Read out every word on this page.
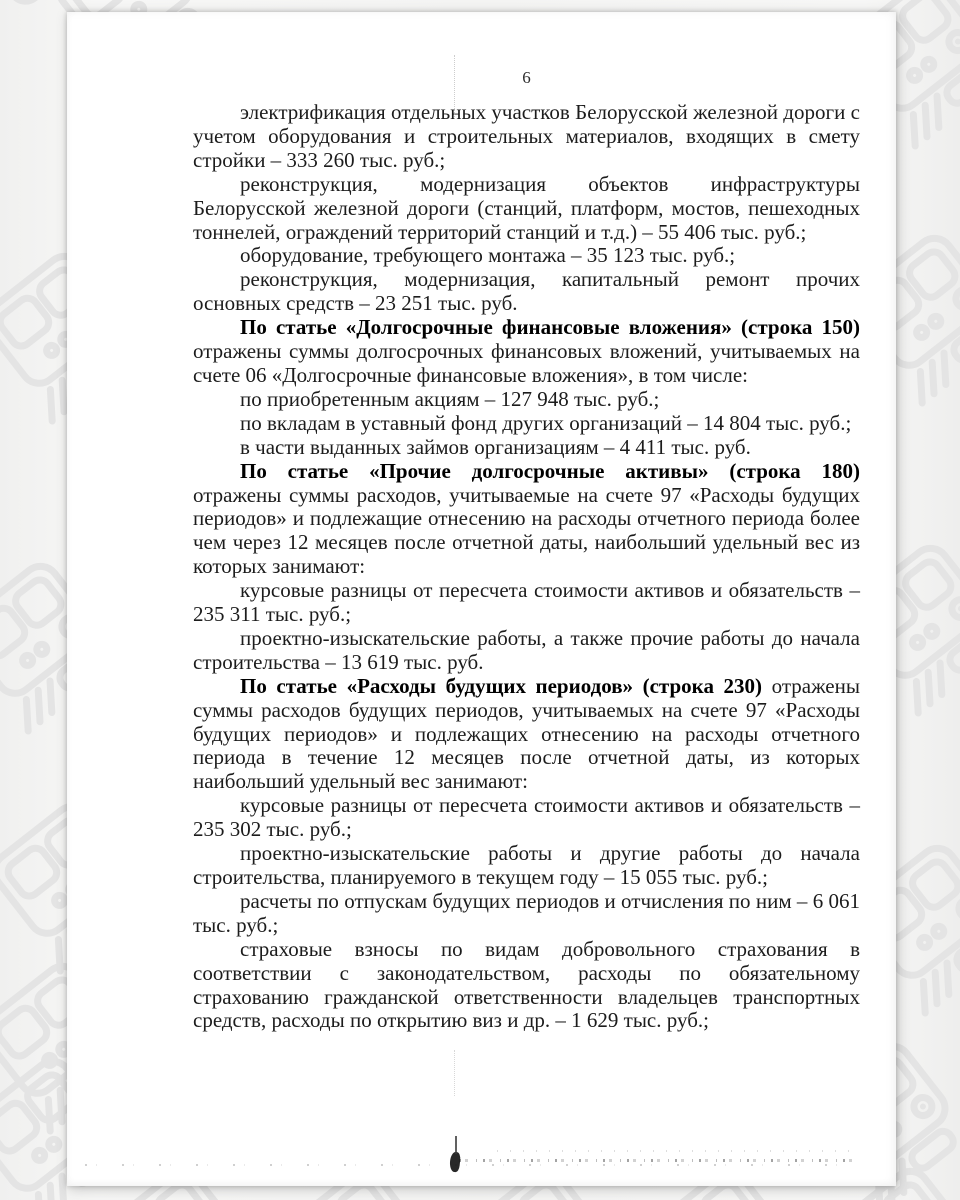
6

электрификация отдельных участков Белорусской железной дороги с учетом оборудования и строительных материалов, входящих в смету стройки – 333 260 тыс. руб.;

реконструкция, модернизация объектов инфраструктуры Белорусской железной дороги (станций, платформ, мостов, пешеходных тоннелей, ограждений территорий станций и т.д.) – 55 406 тыс. руб.;

оборудование, требующего монтажа – 35 123 тыс. руб.;

реконструкция, модернизация, капитальный ремонт прочих основных средств – 23 251 тыс. руб.

По статье «Долгосрочные финансовые вложения» (строка 150) отражены суммы долгосрочных финансовых вложений, учитываемых на счете 06 «Долгосрочные финансовые вложения», в том числе:

по приобретенным акциям – 127 948 тыс. руб.;

по вкладам в уставный фонд других организаций – 14 804 тыс. руб.;

в части выданных займов организациям – 4 411 тыс. руб.

По статье «Прочие долгосрочные активы» (строка 180) отражены суммы расходов, учитываемые на счете 97 «Расходы будущих периодов» и подлежащие отнесению на расходы отчетного периода более чем через 12 месяцев после отчетной даты, наибольший удельный вес из которых занимают:

курсовые разницы от пересчета стоимости активов и обязательств – 235 311 тыс. руб.;

проектно-изыскательские работы, а также прочие работы до начала строительства – 13 619 тыс. руб.

По статье «Расходы будущих периодов» (строка 230) отражены суммы расходов будущих периодов, учитываемых на счете 97 «Расходы будущих периодов» и подлежащих отнесению на расходы отчетного периода в течение 12 месяцев после отчетной даты, из которых наибольший удельный вес занимают:

курсовые разницы от пересчета стоимости активов и обязательств – 235 302 тыс. руб.;

проектно-изыскательские работы и другие работы до начала строительства, планируемого в текущем году – 15 055 тыс. руб.;

расчеты по отпускам будущих периодов и отчисления по ним – 6 061 тыс. руб.;

страховые взносы по видам добровольного страхования в соответствии с законодательством, расходы по обязательному страхованию гражданской ответственности владельцев транспортных средств, расходы по открытию виз и др. – 1 629 тыс. руб.;
